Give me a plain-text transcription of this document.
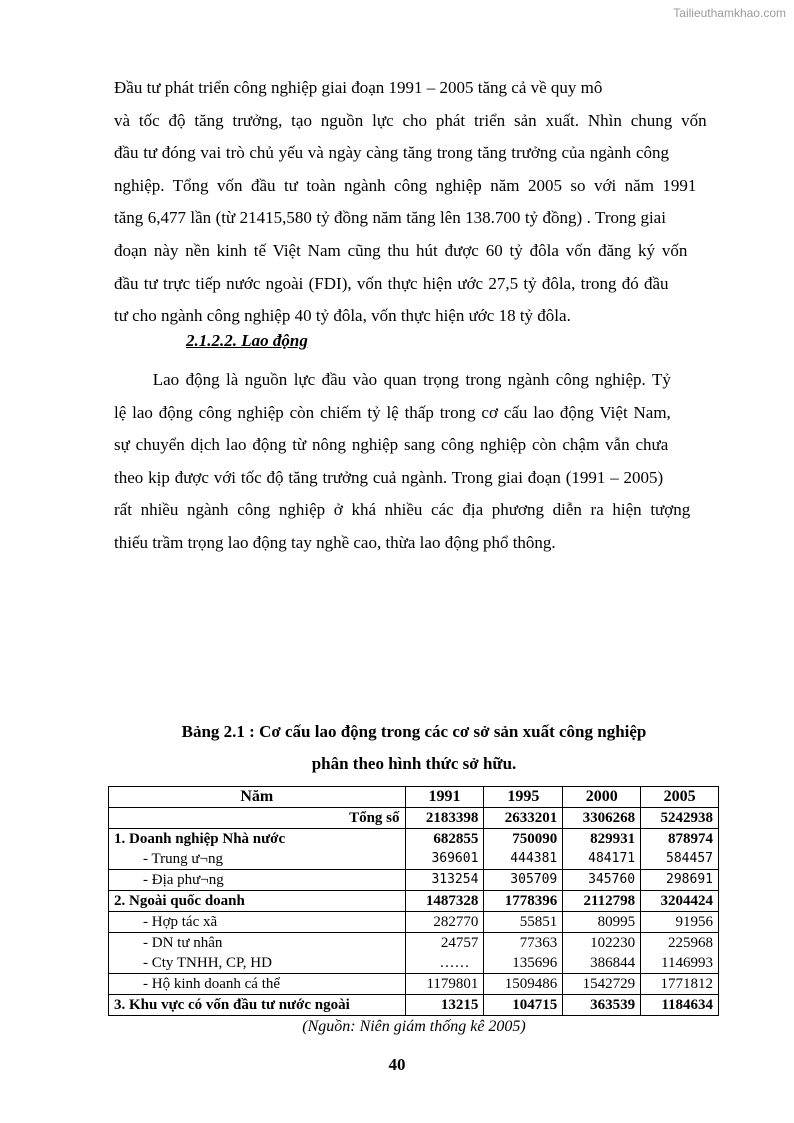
Tailieuthamkhao.com
Đầu tư phát triển công nghiệp giai đoạn 1991 – 2005 tăng cả về quy mô
và tốc độ tăng trưởng, tạo nguồn lực cho phát triển sản xuất. Nhìn chung vốn
đầu tư đóng vai trò chủ yếu và ngày càng tăng trong tăng trưởng của ngành công
nghiệp. Tổng vốn đầu tư toàn ngành công nghiệp năm 2005 so với năm 1991
tăng 6,477 lần (từ 21415,580 tỷ đồng năm tăng lên 138.700 tỷ đồng) . Trong giai
đoạn này nền kinh tế Việt Nam cũng thu hút được 60 tỷ đôla vốn đăng ký vốn
đầu tư trực tiếp nước ngoài (FDI), vốn thực hiện ước 27,5 tỷ đôla, trong đó đầu
tư cho ngành công nghiệp 40 tỷ đôla, vốn thực hiện ước 18 tỷ đôla.
2.1.2.2. Lao động
Lao động là nguồn lực đầu vào quan trọng trong ngành công nghiệp. Tỷ
lệ lao động công nghiệp còn chiếm tỷ lệ thấp trong cơ cấu lao động Việt Nam,
sự chuyển dịch lao động từ nông nghiệp sang công nghiệp còn chậm vẫn chưa
theo kịp được với tốc độ tăng trưởng cuả ngành. Trong giai đoạn (1991 – 2005)
rất nhiều ngành công nghiệp ở khá nhiều các địa phương diễn ra hiện tượng
thiếu trầm trọng lao động tay nghề cao, thừa lao động phổ thông.
Bảng 2.1 : Cơ cấu lao động trong các cơ sở sản xuất công nghiệp
phân theo hình thức sở hữu.
Năm	1991	1995	2000	2005
Tổng số	2183398	2633201	3306268	5242938
1. Doanh nghiệp Nhà nước	682855	750090	829931	878974
- Trung ư¬ng	369601	444381	484171	584457
- Địa phư¬ng	313254	305709	345760	298691
2. Ngoài quốc doanh	1487328	1778396	2112798	3204424
- Hợp tác xã	282770	55851	80995	91956
- DN tư nhân	24757	77363	102230	225968
- Cty TNHH, CP, HD	……	135696	386844	1146993
- Hộ kinh doanh cá thể	1179801	1509486	1542729	1771812
3. Khu vực có vốn đầu tư nước ngoài	13215	104715	363539	1184634
(Nguồn: Niên giám thống kê 2005)
40
